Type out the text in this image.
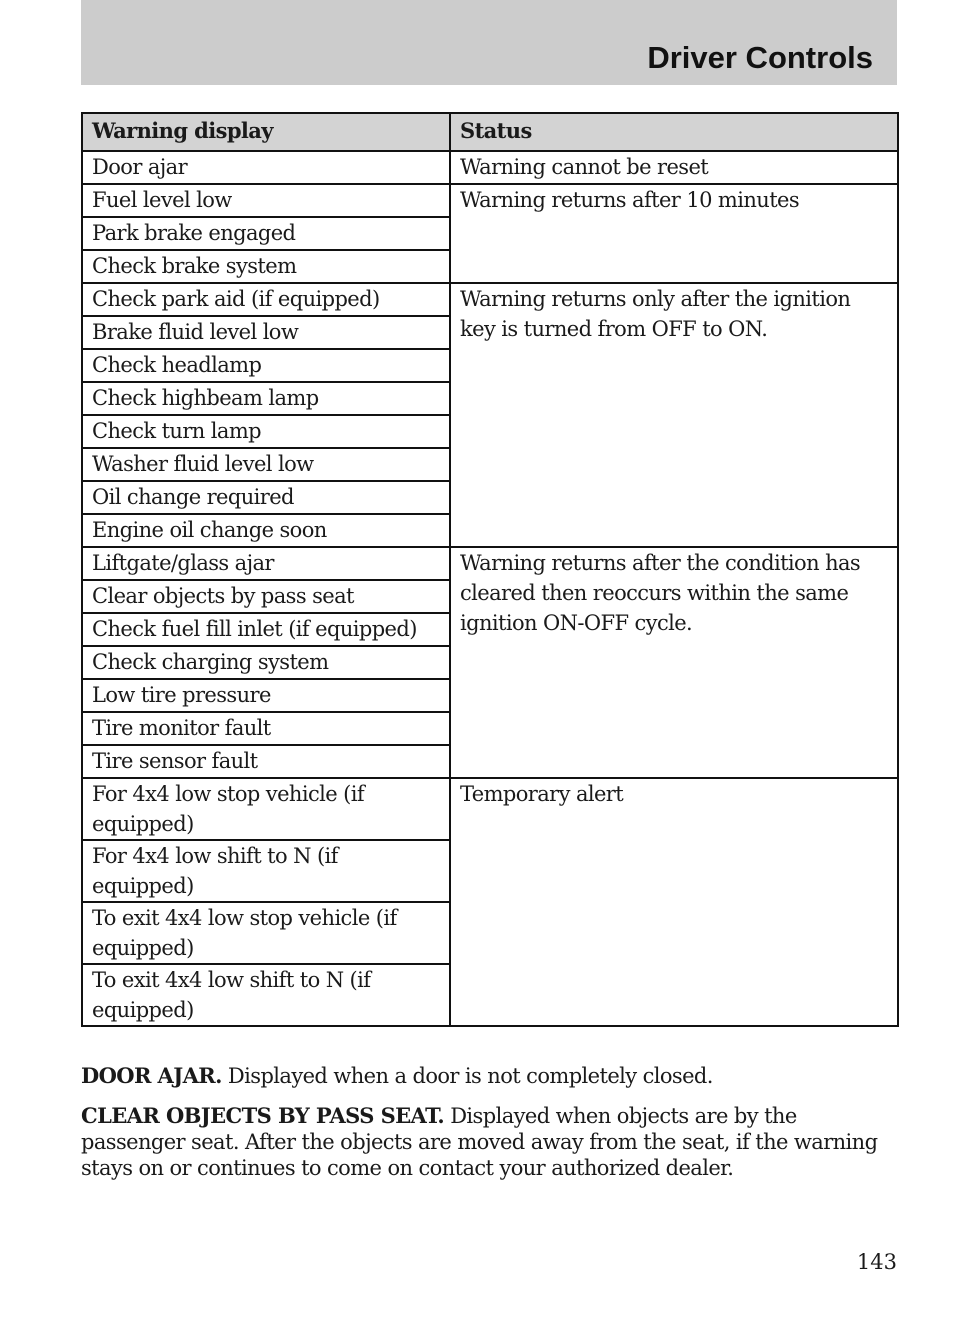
Driver Controls
Warning display	Status
Door ajar	Warning cannot be reset
Fuel level low	Warning returns after 10 minutes
Park brake engaged	
Check brake system	
Check park aid (if equipped)	Warning returns only after the ignition key is turned from OFF to ON.
Brake fluid level low	
Check headlamp	
Check highbeam lamp	
Check turn lamp	
Washer fluid level low	
Oil change required	
Engine oil change soon	
Liftgate/glass ajar	Warning returns after the condition has cleared then reoccurs within the same ignition ON-OFF cycle.
Clear objects by pass seat	
Check fuel fill inlet (if equipped)	
Check charging system	
Low tire pressure	
Tire monitor fault	
Tire sensor fault	
For 4x4 low stop vehicle (if equipped)	Temporary alert
For 4x4 low shift to N (if equipped)	
To exit 4x4 low stop vehicle (if equipped)	
To exit 4x4 low shift to N (if equipped)	
DOOR AJAR. Displayed when a door is not completely closed.
CLEAR OBJECTS BY PASS SEAT. Displayed when objects are by the passenger seat. After the objects are moved away from the seat, if the warning stays on or continues to come on contact your authorized dealer.
143
